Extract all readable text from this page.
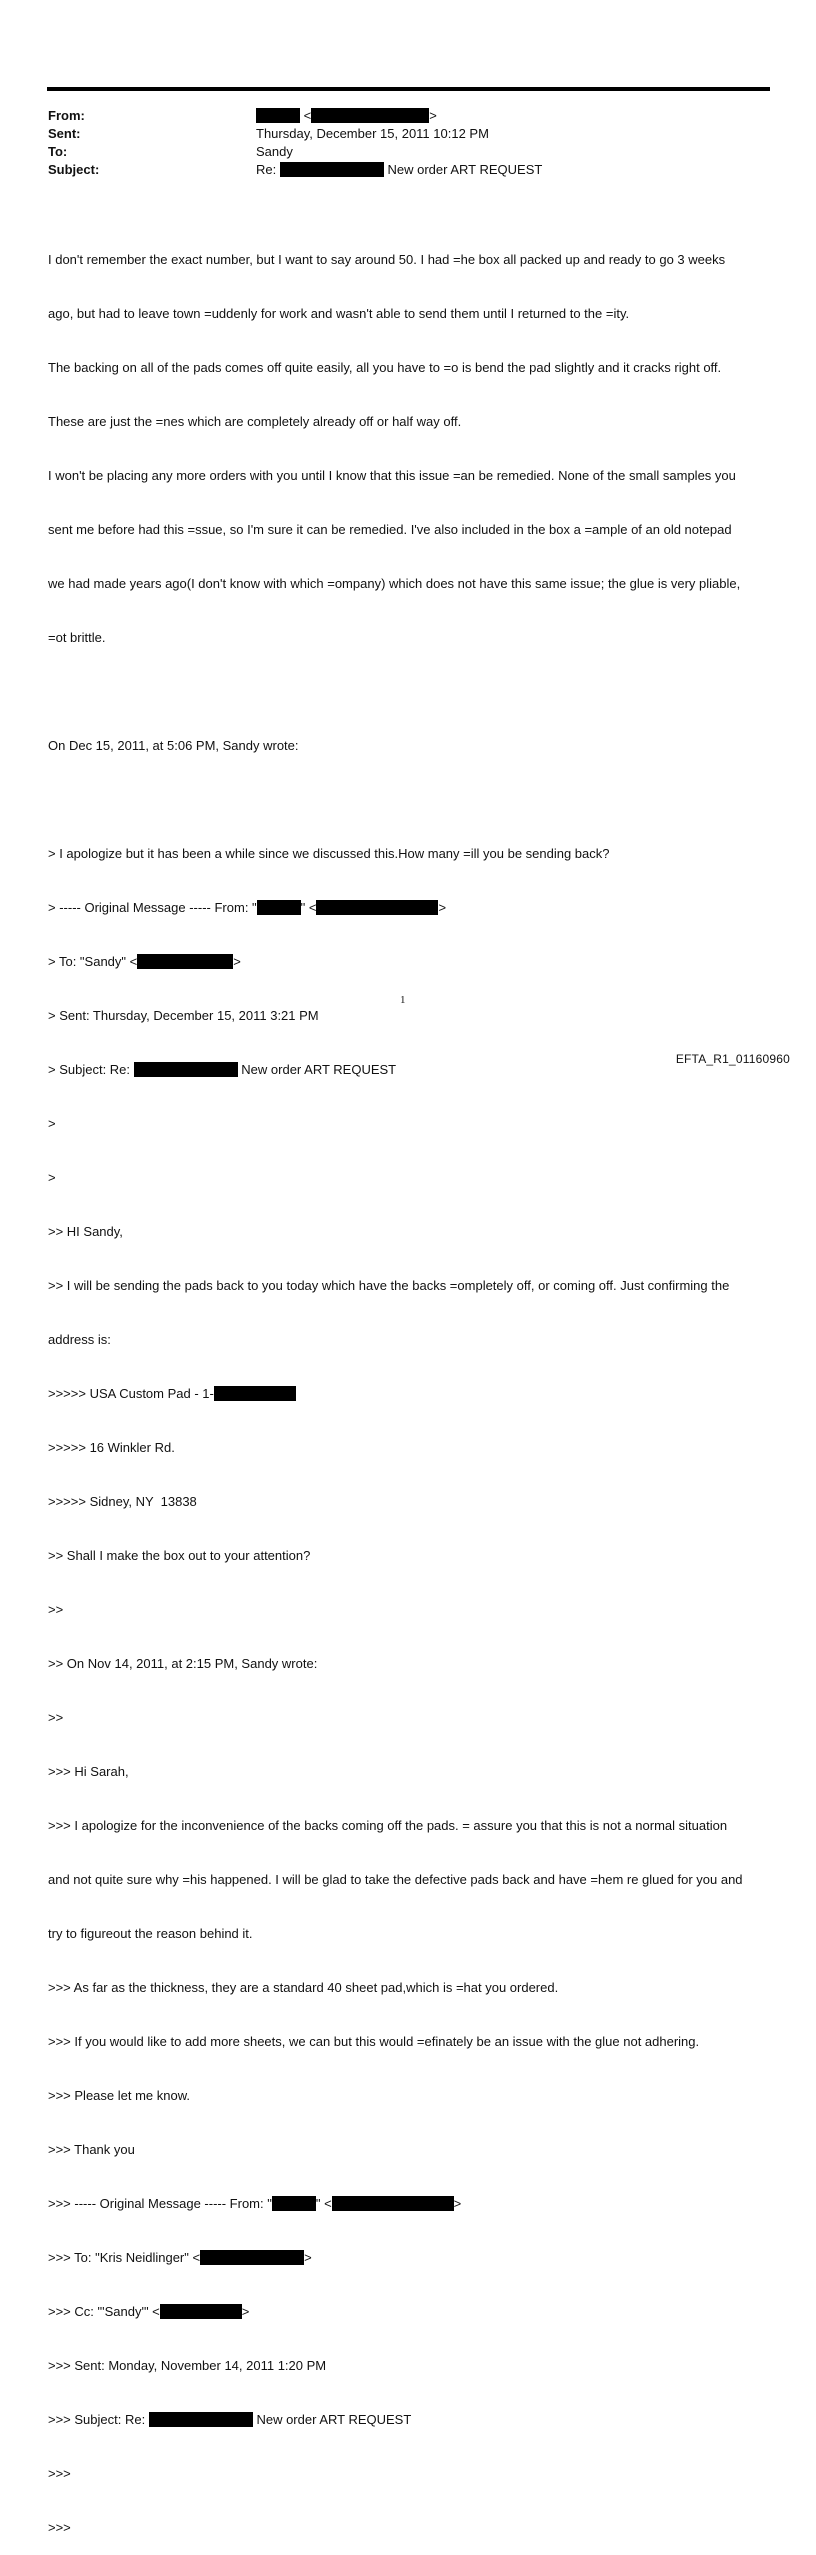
From:	<	>
Sent:	Thursday, December 15, 2011 10:12 PM
To:	Sandy
Subject:	Re:	New order ART REQUEST

I don't remember the exact number, but I want to say around 50. I had =he box all packed up and ready to go 3 weeks

ago, but had to leave town =uddenly for work and wasn't able to send them until I returned to the =ity.

The backing on all of the pads comes off quite easily, all you have to =o is bend the pad slightly and it cracks right off.

These are just the =nes which are completely already off or half way off.

I won't be placing any more orders with you until I know that this issue =an be remedied. None of the small samples you

sent me before had this =ssue, so I'm sure it can be remedied. I've also included in the box a =ample of an old notepad

we had made years ago(I don't know with which =ompany) which does not have this same issue; the glue is very pliable,

=ot brittle.

On Dec 15, 2011, at 5:06 PM, Sandy wrote:

> I apologize but it has been a while since we discussed this.How many =ill you be sending back?

> ----- Original Message ----- From: "	" <	>

> To: "Sandy" <	>

> Sent: Thursday, December 15, 2011 3:21 PM

> Subject: Re:	New order ART REQUEST

>

>

>> HI Sandy,

>> I will be sending the pads back to you today which have the backs =ompletely off, or coming off. Just confirming the

address is:

>>>>> USA Custom Pad - 1-

>>>>> 16 Winkler Rd.

>>>>> Sidney, NY  13838

>> Shall I make the box out to your attention?

>>

>> On Nov 14, 2011, at 2:15 PM, Sandy wrote:

>>

>>> Hi Sarah,

>>> I apologize for the inconvenience of the backs coming off the pads. = assure you that this is not a normal situation

and not quite sure why =his happened. I will be glad to take the defective pads back and have =hem re glued for you and

try to figureout the reason behind it.

>>> As far as the thickness, they are a standard 40 sheet pad,which is =hat you ordered.

>>> If you would like to add more sheets, we can but this would =efinately be an issue with the glue not adhering.

>>> Please let me know.

>>> Thank you

>>> ----- Original Message ----- From: "	" <	>

>>> To: "Kris Neidlinger" <	>

>>> Cc: "'Sandy'" <	>

>>> Sent: Monday, November 14, 2011 1:20 PM

>>> Subject: Re:	New order ART REQUEST

>>>

>>>

1
EFTA_R1_01160960
